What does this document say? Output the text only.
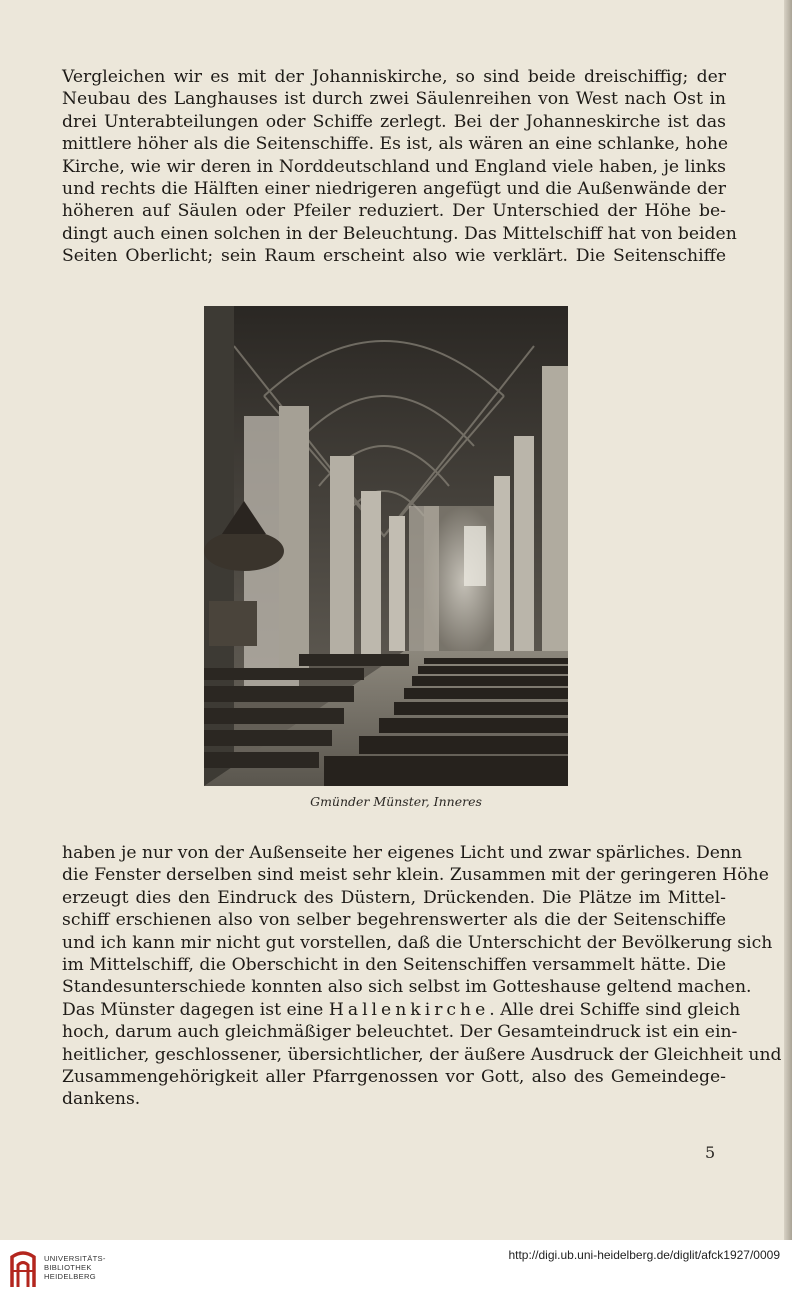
Vergleichen wir es mit der Johanniskirche, so sind beide dreischiffig; der
Neubau des Langhauses ist durch zwei Säulenreihen von West nach Ost in
drei Unterabteilungen oder Schiffe zerlegt. Bei der Johanneskirche ist das
mittlere höher als die Seitenschiffe. Es ist, als wären an eine schlanke, hohe
Kirche, wie wir deren in Norddeutschland und England viele haben, je links
und rechts die Hälften einer niedrigeren angefügt und die Außenwände der
höheren auf Säulen oder Pfeiler reduziert. Der Unterschied der Höhe be-
dingt auch einen solchen in der Beleuchtung. Das Mittelschiff hat von beiden
Seiten Oberlicht; sein Raum erscheint also wie verklärt. Die Seitenschiffe
Gmünder Münster, Inneres
haben je nur von der Außenseite her eigenes Licht und zwar spärliches. Denn
die Fenster derselben sind meist sehr klein. Zusammen mit der geringeren Höhe
erzeugt dies den Eindruck des Düstern, Drückenden. Die Plätze im Mittel-
schiff erschienen also von selber begehrenswerter als die der Seitenschiffe
und ich kann mir nicht gut vorstellen, daß die Unterschicht der Bevölkerung sich
im Mittelschiff, die Oberschicht in den Seitenschiffen versammelt hätte. Die
Standesunterschiede konnten also sich selbst im Gotteshause geltend machen.
Das Münster dagegen ist eine Hallenkirche. Alle drei Schiffe sind gleich
hoch, darum auch gleichmäßiger beleuchtet. Der Gesamteindruck ist ein ein-
heitlicher, geschlossener, übersichtlicher, der äußere Ausdruck der Gleichheit und
Zusammengehörigkeit aller Pfarrgenossen vor Gott, also des Gemeindege-
dankens.
5
UNIVERSITÄTS-
BIBLIOTHEK
HEIDELBERG
http://digi.ub.uni-heidelberg.de/diglit/afck1927/0009
